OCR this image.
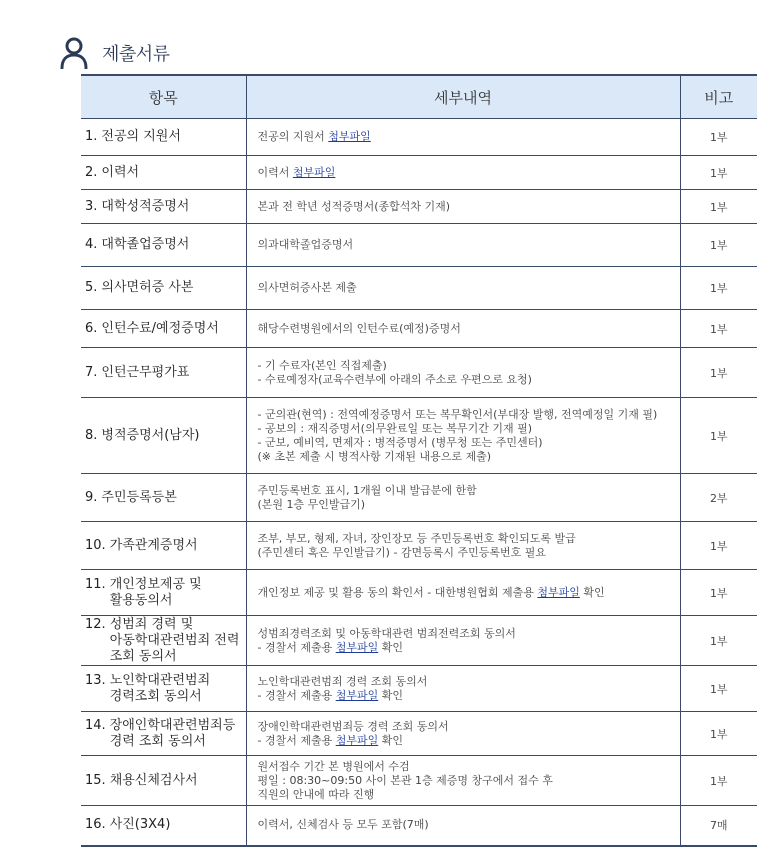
제출서류
항목	세부내역	비고

1. 전공의 지원서	전공의 지원서 첨부파일	1부

2. 이력서	이력서 첨부파일	1부

3. 대학성적증명서	본과 전 학년 성적증명서(종합석차 기재)	1부

4. 대학졸업증명서	의과대학졸업증명서	1부

5. 의사면허증 사본	의사면허증사본 제출	1부

6. 인턴수료/예정증명서	해당수련병원에서의 인턴수료(예정)증명서	1부

7. 인턴근무평가표	- 기 수료자(본인 직접제출)
- 수료예정자(교육수련부에 아래의 주소로 우편으로 요청)	1부

8. 병적증명서(남자)	- 군의관(현역) : 전역예정증명서 또는 복무확인서(부대장 발행, 전역예정일 기재 필)
- 공보의 : 재직증명서(의무완료일 또는 복무기간 기재 필)
- 군보, 예비역, 면제자 : 병적증명서 (병무청 또는 주민센터)
(※ 초본 제출 시 병적사항 기재된 내용으로 제출)	1부

9. 주민등록등본	주민등록번호 표시, 1개월 이내 발급분에 한함
(본원 1층 무인발급기)	2부

10. 가족관계증명서	조부, 부모, 형제, 자녀, 장인장모 등 주민등록번호 확인되도록 발급
(주민센터 혹은 무인발급기) - 감면등록시 주민등록번호 필요	1부

11. 개인정보제공 및
활용동의서	개인정보 제공 및 활용 동의 확인서 - 대한병원협회 제출용 첨부파일 확인	1부

12. 성범죄 경력 및
아동학대관련범죄 전력
조회 동의서	성범죄경력조회 및 아동학대관련 범죄전력조회 동의서
- 경찰서 제출용 첨부파일 확인	1부

13. 노인학대관련범죄
경력조회 동의서	노인학대관련범죄 경력 조회 동의서
- 경찰서 제출용 첨부파일 확인	1부

14. 장애인학대관련범죄등
경력 조회 동의서	장애인학대관련범죄등 경력 조회 동의서
- 경찰서 제출용 첨부파일 확인	1부

15. 채용신체검사서	원서접수 기간 본 병원에서 수검
평일 : 08:30~09:50 사이 본관 1층 제증명 창구에서 접수 후
직원의 안내에 따라 진행	1부

16. 사진(3X4)	이력서, 신체검사 등 모두 포함(7매)	7매
